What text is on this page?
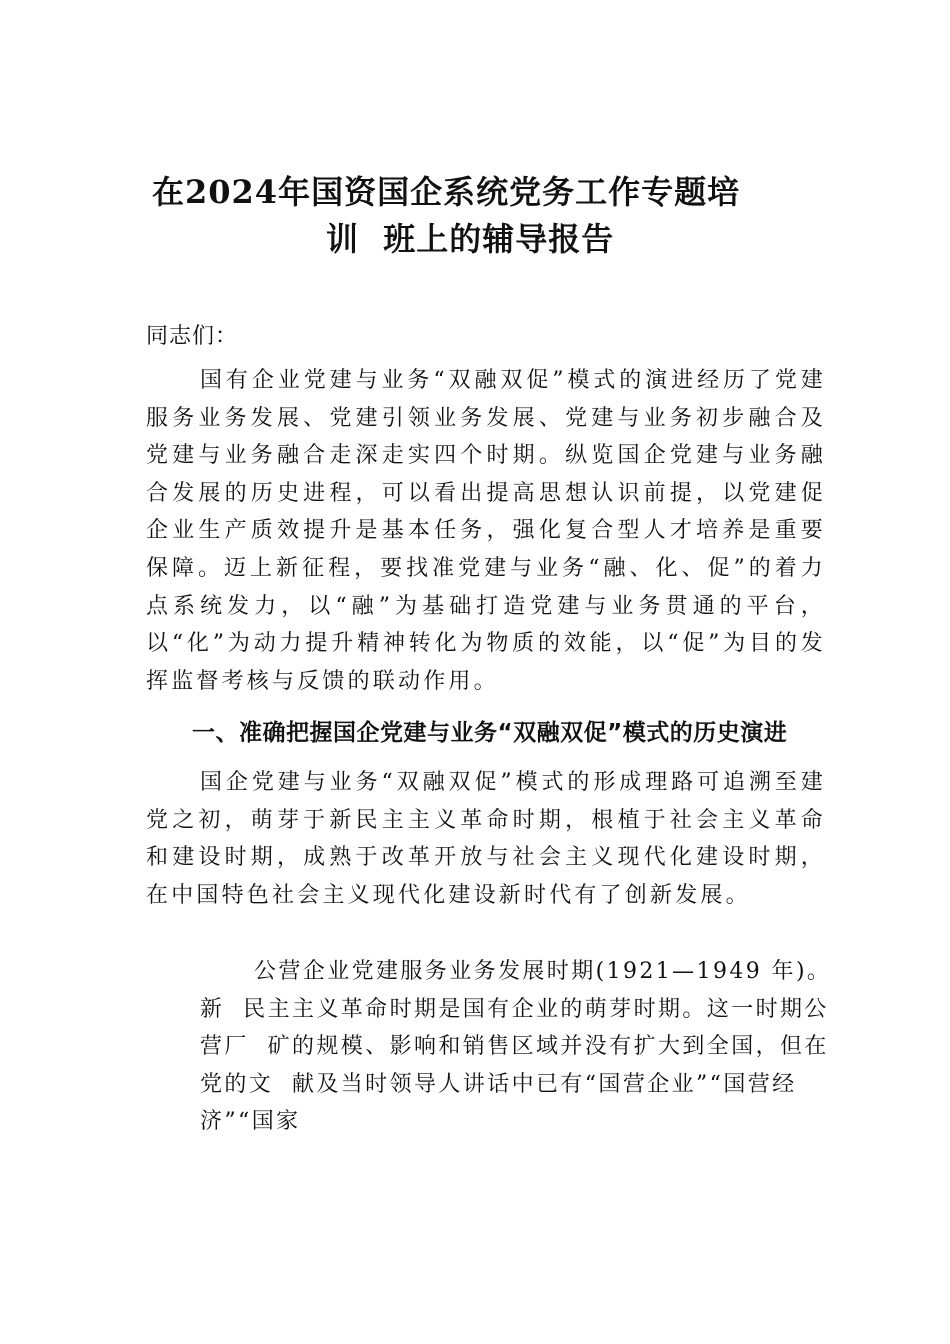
在2024年国资国企系统党务工作专题培
训  班上的辅导报告

同志们：

国有企业党建与业务“双融双促”模式的演进经历了党建服务业务发展、党建引领业务发展、党建与业务初步融合及党建与业务融合走深走实四个时期。纵览国企党建与业务融合发展的历史进程，可以看出提高思想认识前提，以党建促企业生产质效提升是基本任务，强化复合型人才培养是重要保障。迈上新征程，要找准党建与业务“融、化、促”的着力点系统发力，以“融”为基础打造党建与业务贯通的平台，以“化”为动力提升精神转化为物质的效能，以“促”为目的发挥监督考核与反馈的联动作用。

一、准确把握国企党建与业务“双融双促”模式的历史演进

国企党建与业务“双融双促”模式的形成理路可追溯至建党之初，萌芽于新民主主义革命时期，根植于社会主义革命和建设时期，成熟于改革开放与社会主义现代化建设时期，在中国特色社会主义现代化建设新时代有了创新发展。

公营企业党建服务业务发展时期(1921—1949 年)。
新  民主主义革命时期是国有企业的萌芽时期。这一时期公
营厂  矿的规模、影响和销售区域并没有扩大到全国，但在
党的文  献及当时领导人讲话中已有“国营企业”“国营经
济”“国家
